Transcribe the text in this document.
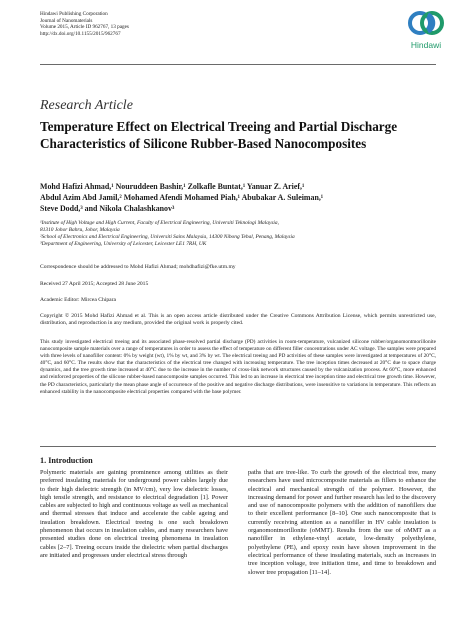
Hindawi Publishing Corporation
Journal of Nanomaterials
Volume 2015, Article ID 962767, 13 pages
http://dx.doi.org/10.1155/2015/962767
Hindawi
Research Article
Temperature Effect on Electrical Treeing and Partial Discharge Characteristics of Silicone Rubber-Based Nanocomposites
Mohd Hafizi Ahmad,¹ Nouruddeen Bashir,¹ Zolkafle Buntat,¹ Yanuar Z. Arief,¹
Abdul Azim Abd Jamil,² Mohamed Afendi Mohamed Piah,¹ Abubakar A. Suleiman,¹
Steve Dodd,³ and Nikola Chalashkanov³
¹Institute of High Voltage and High Current, Faculty of Electrical Engineering, Universiti Teknologi Malaysia,
81310 Johor Bahru, Johor, Malaysia
²School of Electronics and Electrical Engineering, Universiti Sains Malaysia, 14300 Nibong Tebal, Penang, Malaysia
³Department of Engineering, University of Leicester, Leicester LE1 7RH, UK
Correspondence should be addressed to Mohd Hafizi Ahmad; mohdhafizi@fke.utm.my
Received 27 April 2015; Accepted 28 June 2015
Academic Editor: Mircea Chipara
Copyright © 2015 Mohd Hafizi Ahmad et al. This is an open access article distributed under the Creative Commons Attribution License, which permits unrestricted use, distribution, and reproduction in any medium, provided the original work is properly cited.
This study investigated electrical treeing and its associated phase-resolved partial discharge (PD) activities in room-temperature, vulcanized silicone rubber/organomontmorillonite nanocomposite sample materials over a range of temperatures in order to assess the effect of temperature on different filler concentrations under AC voltage. The samples were prepared with three levels of nanofiller content: 0% by weight (wt), 1% by wt, and 3% by wt. The electrical treeing and PD activities of these samples were investigated at temperatures of 20°C, 40°C, and 60°C. The results show that the characteristics of the electrical tree changed with increasing temperature. The tree inception times decreased at 20°C due to space charge dynamics, and the tree growth time increased at 40°C due to the increase in the number of cross-link network structures caused by the vulcanization process. At 60°C, more enhanced and reinforced properties of the silicone rubber-based nanocomposite samples occurred. This led to an increase in electrical tree inception time and electrical tree growth time. However, the PD characteristics, particularly the mean phase angle of occurrence of the positive and negative discharge distributions, were insensitive to variations in temperature. This reflects an enhanced stability in the nanocomposite electrical properties compared with the base polymer.
1. Introduction
Polymeric materials are gaining prominence among utilities as their preferred insulating materials for underground power cables largely due to their high dielectric strength (in MV/cm), very low dielectric losses, high tensile strength, and resistance to electrical degradation [1]. Power cables are subjected to high and continuous voltage as well as mechanical and thermal stresses that induce and accelerate the cable ageing and insulation breakdown. Electrical treeing is one such breakdown phenomenon that occurs in insulation cables, and many researchers have presented studies done on electrical treeing phenomena in insulation cables [2–7]. Treeing occurs inside the dielectric when partial discharges are initiated and progresses under electrical stress through
paths that are tree-like. To curb the growth of the electrical tree, many researchers have used microcomposite materials as fillers to enhance the electrical and mechanical strength of the polymer. However, the increasing demand for power and further research has led to the discovery and use of nanocomposite polymers with the addition of nanofillers due to their excellent performance [8–10]. One such nanocomposite that is currently receiving attention as a nanofiller in HV cable insulation is organomontmorillonite (oMMT). Results from the use of oMMT as a nanofiller in ethylene-vinyl acetate, low-density polyethylene, polyethylene (PE), and epoxy resin have shown improvement in the electrical performance of these insulating materials, such as increases in tree inception voltage, tree initiation time, and time to breakdown and slower tree propagation [11–14].
